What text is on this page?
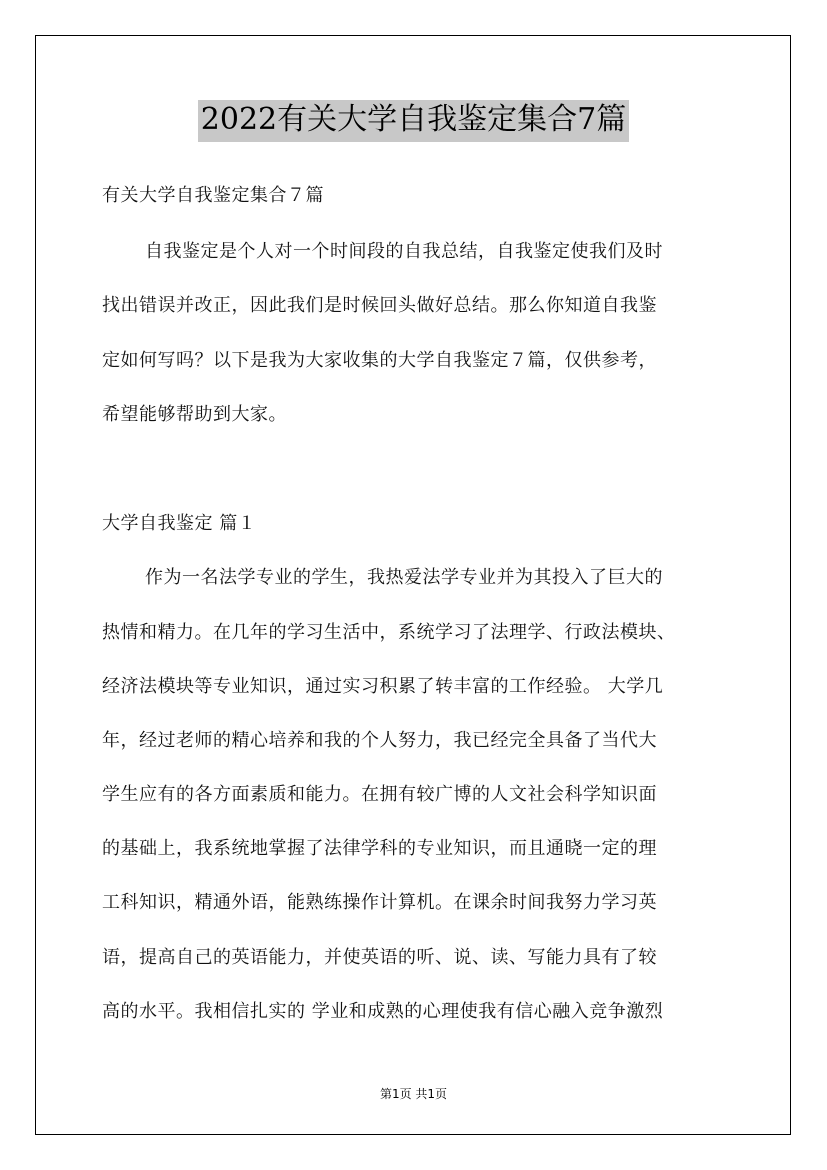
2022有关大学自我鉴定集合7篇
有关大学自我鉴定集合７篇
自我鉴定是个人对一个时间段的自我总结，自我鉴定使我们及时
找出错误并改正，因此我们是时候回头做好总结。那么你知道自我鉴
定如何写吗？以下是我为大家收集的大学自我鉴定７篇，仅供参考，
希望能够帮助到大家。
大学自我鉴定 篇１
作为一名法学专业的学生，我热爱法学专业并为其投入了巨大的
热情和精力。在几年的学习生活中，系统学习了法理学、行政法模块、
经济法模块等专业知识，通过实习积累了转丰富的工作经验。 大学几
年，经过老师的精心培养和我的个人努力，我已经完全具备了当代大
学生应有的各方面素质和能力。在拥有较广博的人文社会科学知识面
的基础上，我系统地掌握了法律学科的专业知识，而且通晓一定的理
工科知识，精通外语，能熟练操作计算机。在课余时间我努力学习英
语，提高自己的英语能力，并使英语的听、说、读、写能力具有了较
高的水平。我相信扎实的 学业和成熟的心理使我有信心融入竞争激烈
第1页 共1页
